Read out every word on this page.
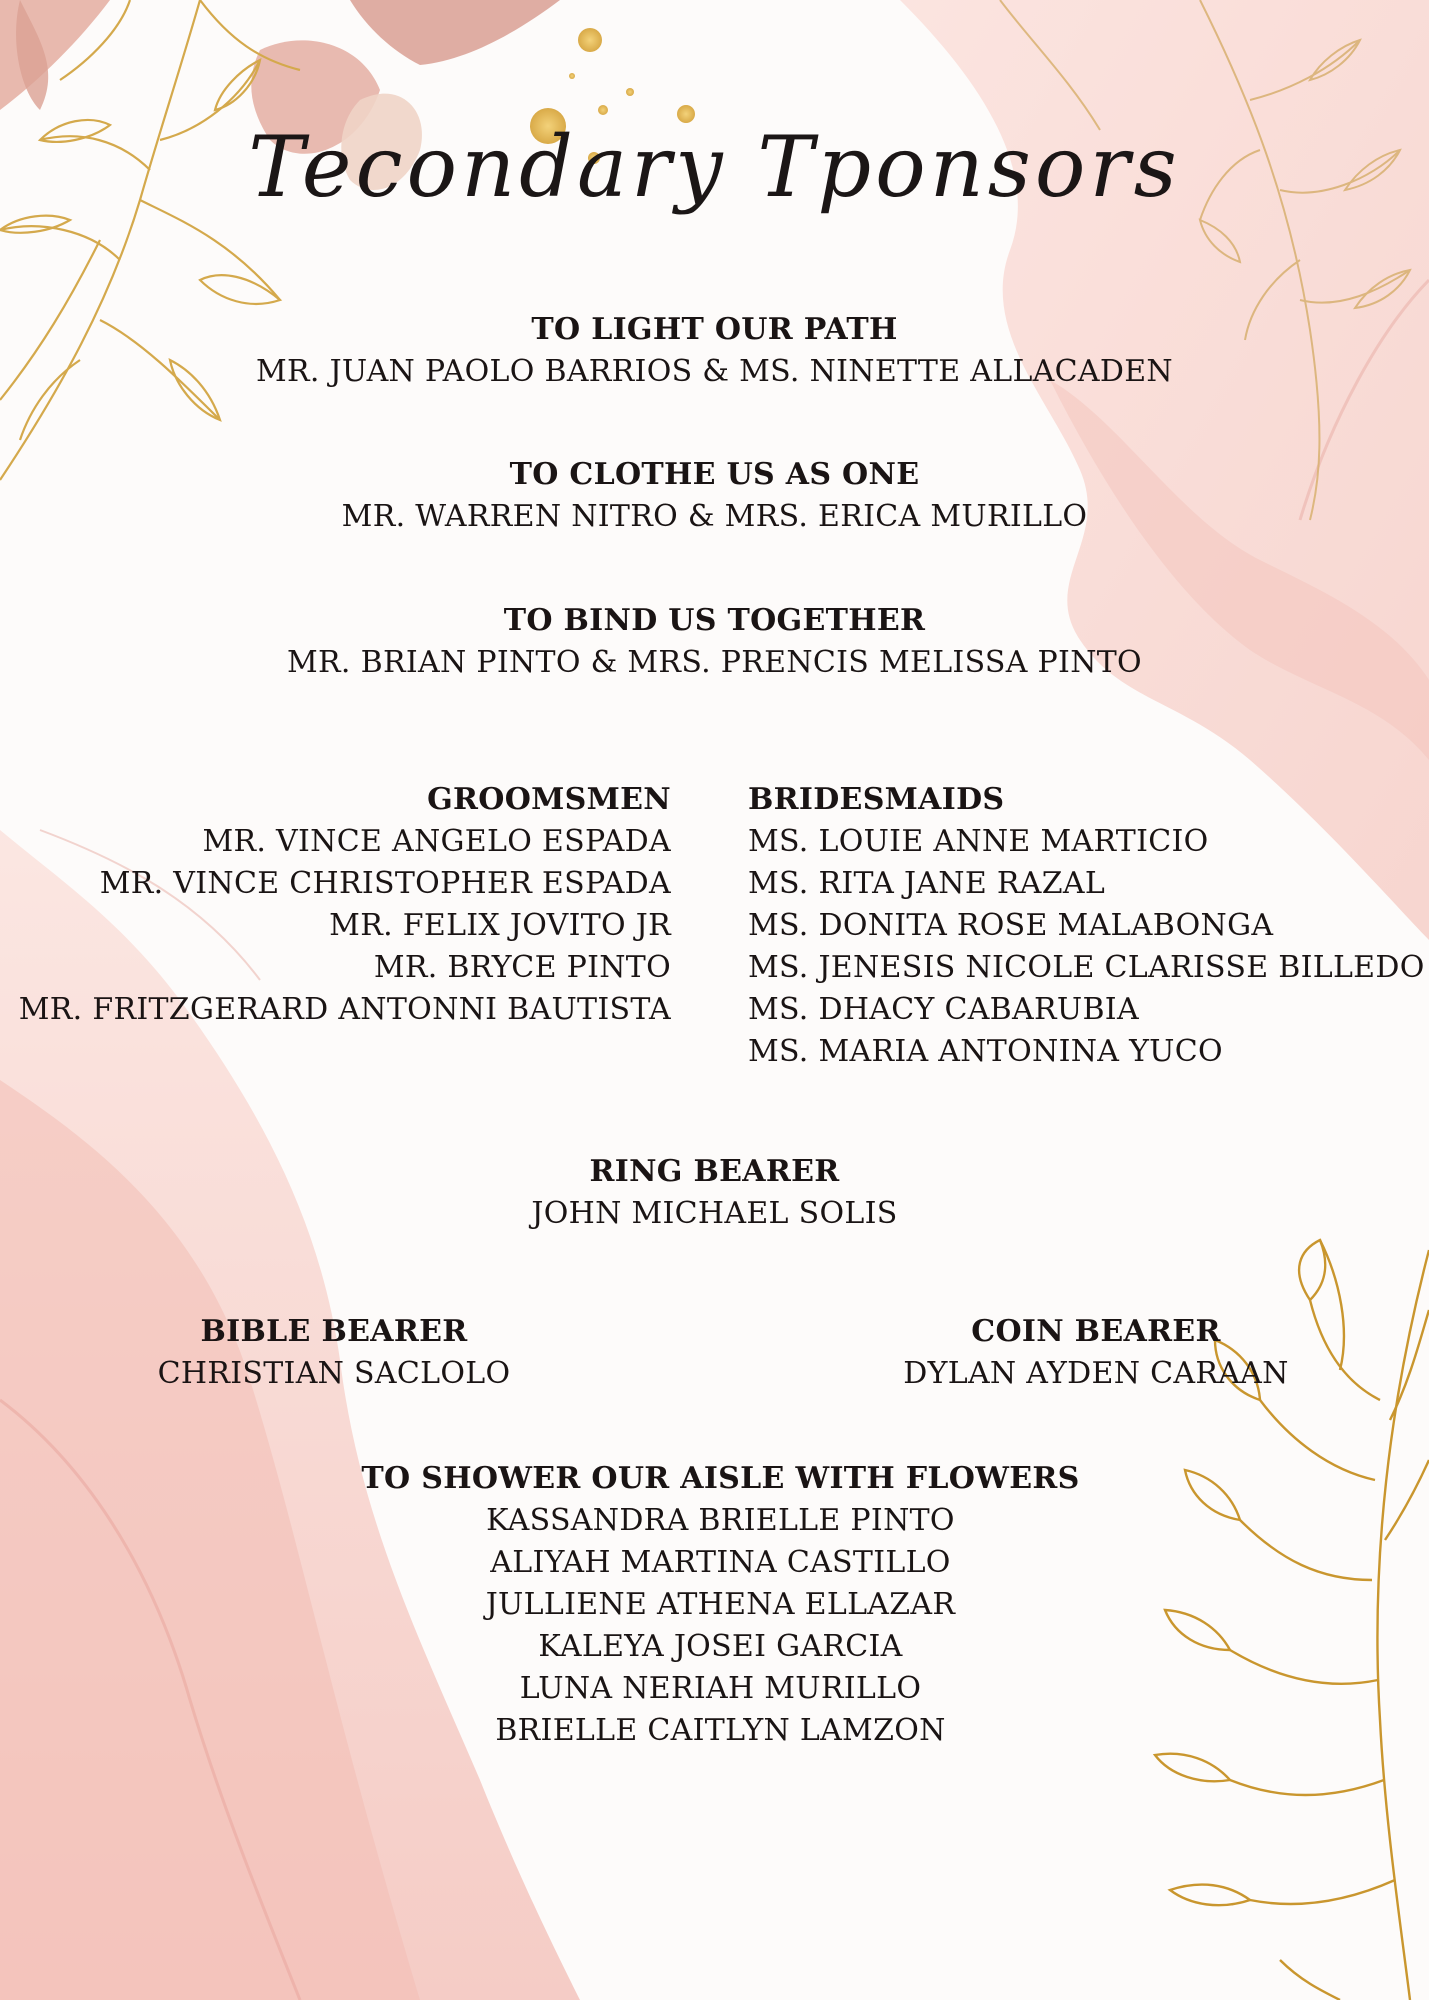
Tecondary Tponsors
TO LIGHT OUR PATH
MR. JUAN PAOLO BARRIOS & MS. NINETTE ALLACADEN
TO CLOTHE US AS ONE
MR. WARREN NITRO & MRS. ERICA MURILLO
TO BIND US TOGETHER
MR. BRIAN PINTO & MRS. PRENCIS MELISSA PINTO
GROOMSMEN
MR. VINCE ANGELO ESPADA
MR. VINCE CHRISTOPHER ESPADA
MR. FELIX JOVITO JR
MR. BRYCE PINTO
MR. FRITZGERARD ANTONNI BAUTISTA
BRIDESMAIDS
MS. LOUIE ANNE MARTICIO
MS. RITA JANE RAZAL
MS. DONITA ROSE MALABONGA
MS. JENESIS NICOLE CLARISSE BILLEDO
MS. DHACY CABARUBIA
MS. MARIA ANTONINA YUCO
RING BEARER
JOHN MICHAEL SOLIS
BIBLE BEARER
CHRISTIAN SACLOLO
COIN BEARER
DYLAN AYDEN CARAAN
TO SHOWER OUR AISLE WITH FLOWERS
KASSANDRA BRIELLE PINTO
ALIYAH MARTINA CASTILLO
JULLIENE ATHENA ELLAZAR
KALEYA JOSEI GARCIA
LUNA NERIAH MURILLO
BRIELLE CAITLYN LAMZON
